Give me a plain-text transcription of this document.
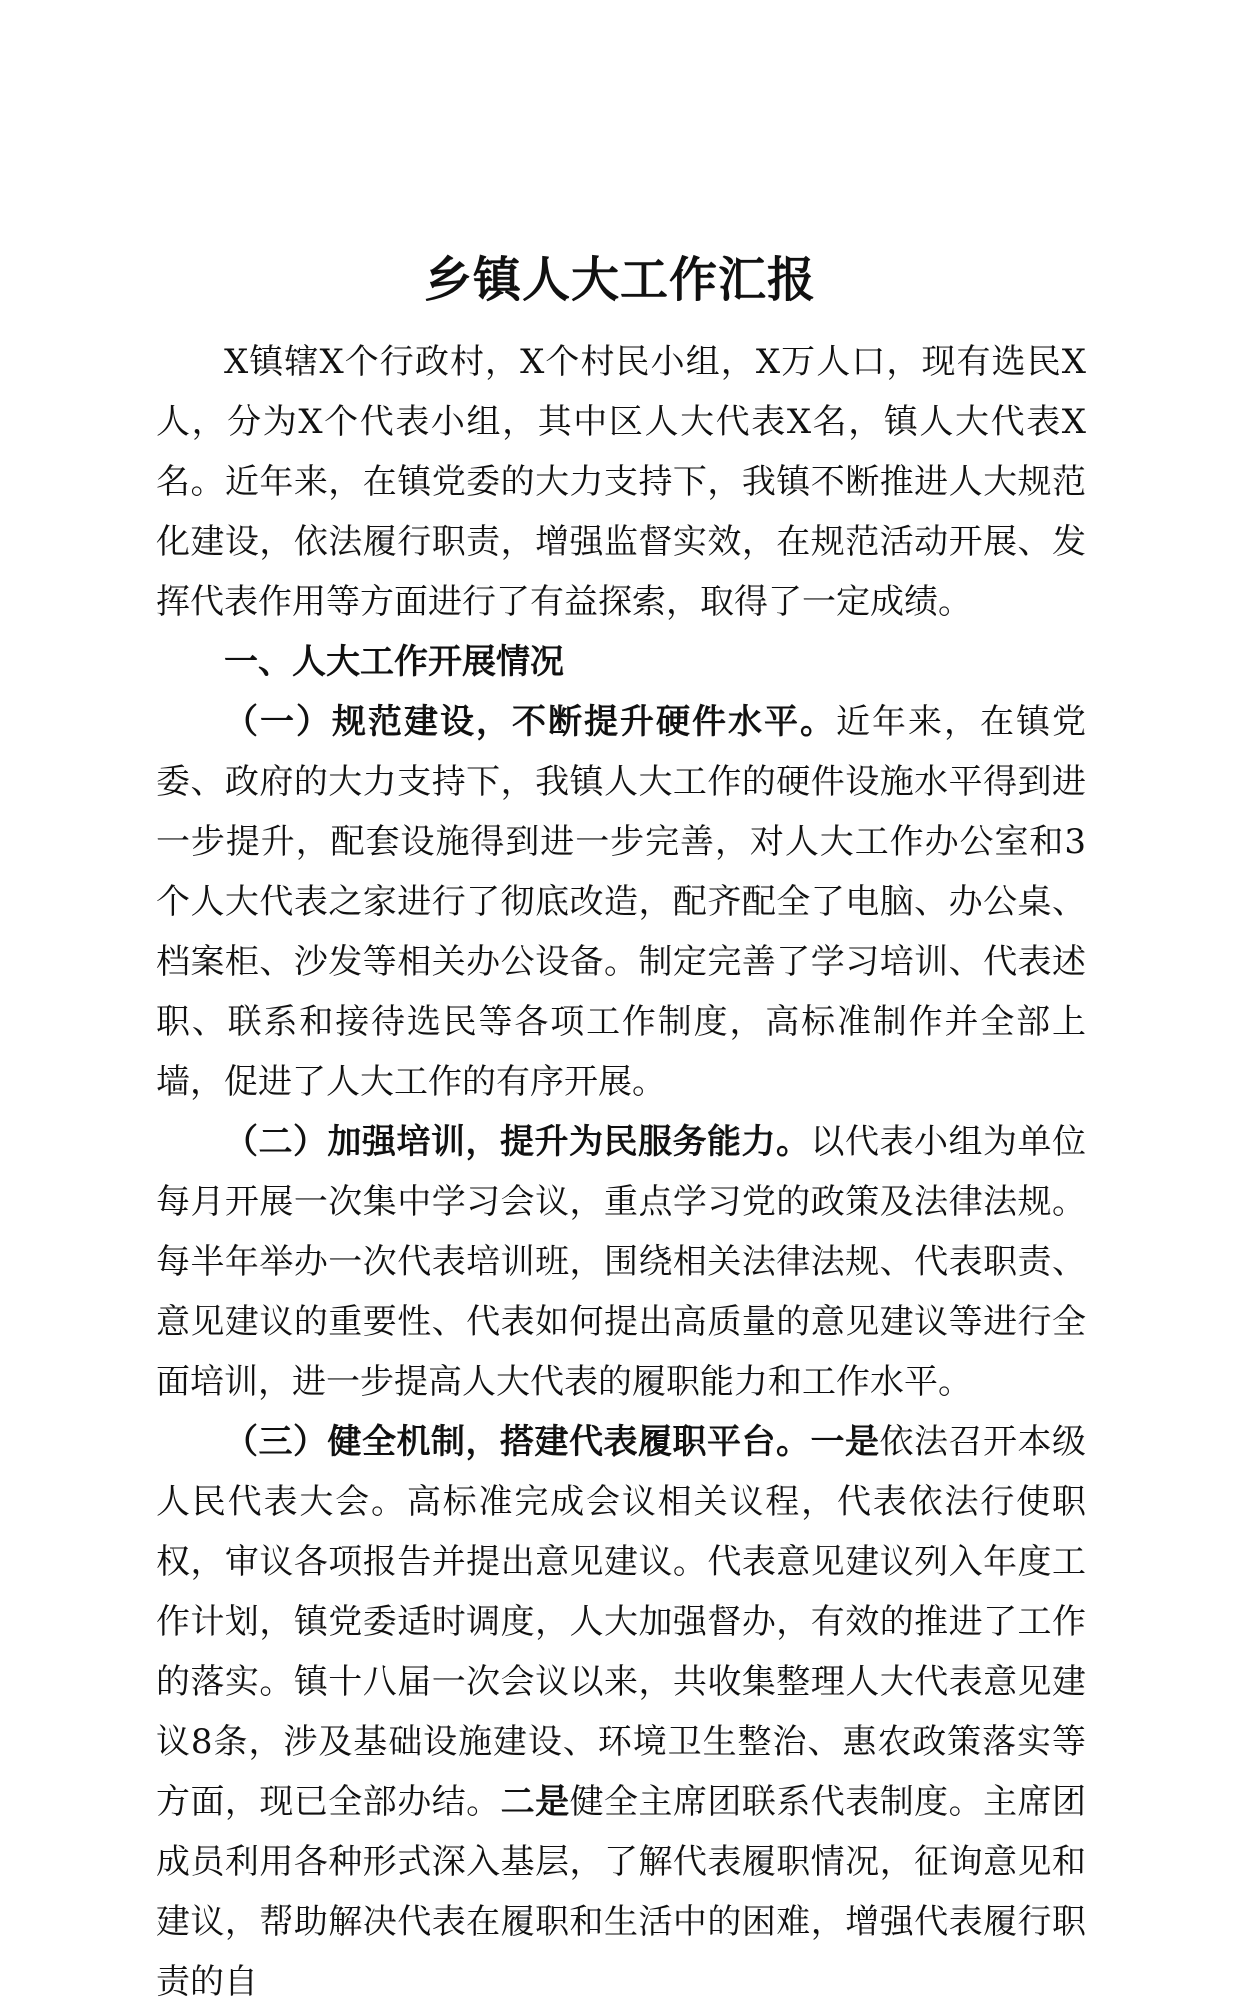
乡镇人大工作汇报

X镇辖X个行政村，X个村民小组，X万人口，现有选民X人，分为X个代表小组，其中区人大代表X名，镇人大代表X名。近年来，在镇党委的大力支持下，我镇不断推进人大规范化建设，依法履行职责，增强监督实效，在规范活动开展、发挥代表作用等方面进行了有益探索，取得了一定成绩。

一、人大工作开展情况

（一）规范建设，不断提升硬件水平。近年来，在镇党委、政府的大力支持下，我镇人大工作的硬件设施水平得到进一步提升，配套设施得到进一步完善，对人大工作办公室和3个人大代表之家进行了彻底改造，配齐配全了电脑、办公桌、档案柜、沙发等相关办公设备。制定完善了学习培训、代表述职、联系和接待选民等各项工作制度，高标准制作并全部上墙，促进了人大工作的有序开展。

（二）加强培训，提升为民服务能力。以代表小组为单位每月开展一次集中学习会议，重点学习党的政策及法律法规。每半年举办一次代表培训班，围绕相关法律法规、代表职责、意见建议的重要性、代表如何提出高质量的意见建议等进行全面培训，进一步提高人大代表的履职能力和工作水平。

（三）健全机制，搭建代表履职平台。一是依法召开本级人民代表大会。高标准完成会议相关议程，代表依法行使职权，审议各项报告并提出意见建议。代表意见建议列入年度工作计划，镇党委适时调度，人大加强督办，有效的推进了工作的落实。镇十八届一次会议以来，共收集整理人大代表意见建议8条，涉及基础设施建设、环境卫生整治、惠农政策落实等方面，现已全部办结。二是健全主席团联系代表制度。主席团成员利用各种形式深入基层，了解代表履职情况，征询意见和建议，帮助解决代表在履职和生活中的困难，增强代表履行职责的自
